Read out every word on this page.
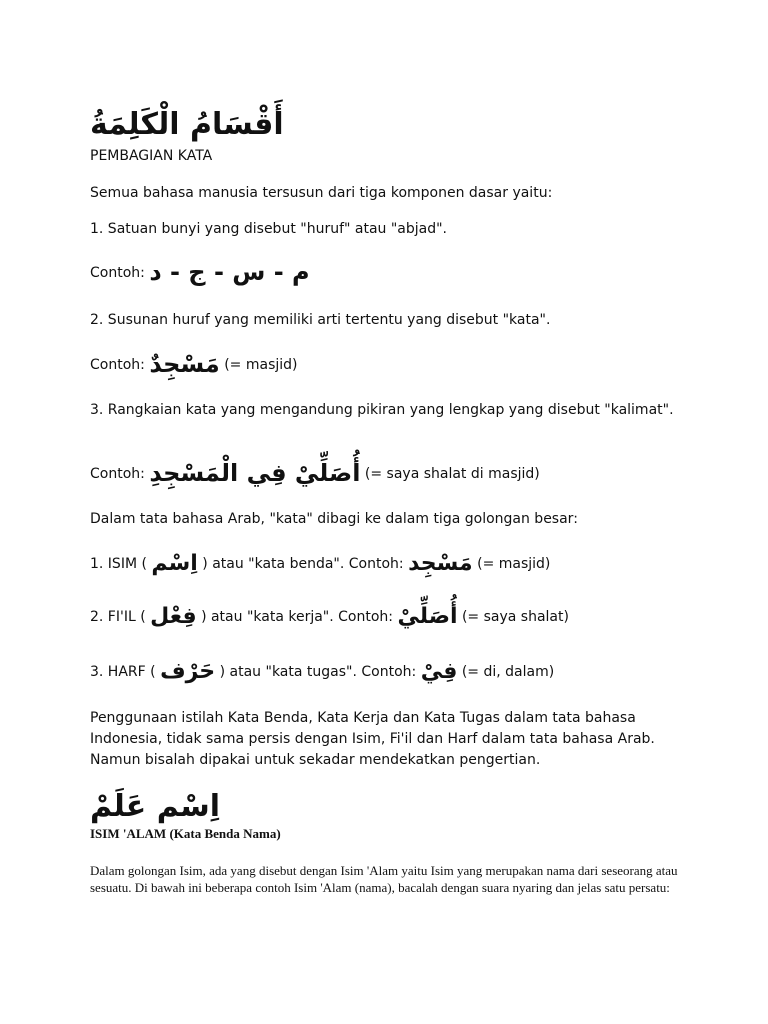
أَقْسَامُ الْكَلِمَةُ
PEMBAGIAN KATA
Semua bahasa manusia tersusun dari tiga komponen dasar yaitu:
1. Satuan bunyi yang disebut "huruf" atau "abjad".
Contoh: م - س - ج - د
2. Susunan huruf yang memiliki arti tertentu yang disebut "kata".
Contoh: مَسْجِدٌ (= masjid)
3. Rangkaian kata yang mengandung pikiran yang lengkap yang disebut "kalimat".
Contoh: أُصَلِّيْ فِي الْمَسْجِدِ (= saya shalat di masjid)
Dalam tata bahasa Arab, "kata" dibagi ke dalam tiga golongan besar:
1. ISIM ( اِسْم ) atau "kata benda". Contoh: مَسْجِد (= masjid)
2. FI'IL ( فِعْل ) atau "kata kerja". Contoh: أُصَلِّيْ (= saya shalat)
3. HARF ( حَرْف ) atau "kata tugas". Contoh: فِيْ (= di, dalam)
Penggunaan istilah Kata Benda, Kata Kerja dan Kata Tugas dalam tata bahasa Indonesia, tidak sama persis dengan Isim, Fi'il dan Harf dalam tata bahasa Arab. Namun bisalah dipakai untuk sekadar mendekatkan pengertian.
اِسْم عَلَمْ
ISIM 'ALAM (Kata Benda Nama)
Dalam golongan Isim, ada yang disebut dengan Isim 'Alam yaitu Isim yang merupakan nama dari seseorang atau sesuatu. Di bawah ini beberapa contoh Isim 'Alam (nama), bacalah dengan suara nyaring dan jelas satu persatu:
